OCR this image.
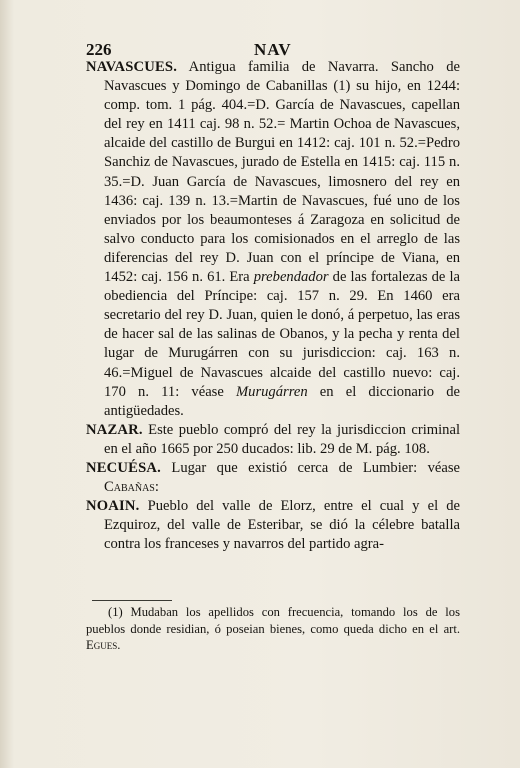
226	NAV

NAVASCUES. Antigua familia de Navarra. Sancho de Navascues y Domingo de Cabanillas (1) su hijo, en 1244: comp. tom. 1 pág. 404.=D. García de Navascues, capellan del rey en 1411 caj. 98 n. 52.= Martin Ochoa de Navascues, alcaide del castillo de Burgui en 1412: caj. 101 n. 52.=Pedro Sanchiz de Navascues, jurado de Estella en 1415: caj. 115 n. 35.=D. Juan García de Navascues, limosnero del rey en 1436: caj. 139 n. 13.=Martin de Navascues, fué uno de los enviados por los beaumonteses á Zaragoza en solicitud de salvo conducto para los comisionados en el arreglo de las diferencias del rey D. Juan con el príncipe de Viana, en 1452: caj. 156 n. 61. Era prebendador de las fortalezas de la obediencia del Príncipe: caj. 157 n. 29. En 1460 era secretario del rey D. Juan, quien le donó, á perpetuo, las eras de hacer sal de las salinas de Obanos, y la pecha y renta del lugar de Murugárren con su jurisdiccion: caj. 163 n. 46.=Miguel de Navascues alcaide del castillo nuevo: caj. 170 n. 11: véase Murugárren en el diccionario de antigüedades.

NAZAR. Este pueblo compró del rey la jurisdiccion criminal en el año 1665 por 250 ducados: lib. 29 de M. pág. 108.

NECUÉSA. Lugar que existió cerca de Lumbier: véase Cabañas:

NOAIN. Pueblo del valle de Elorz, entre el cual y el de Ezquiroz, del valle de Esteribar, se dió la célebre batalla contra los franceses y navarros del partido agra-

(1) Mudaban los apellidos con frecuencia, tomando los de los pueblos donde residian, ó poseian bienes, como queda dicho en el art. Egues.
